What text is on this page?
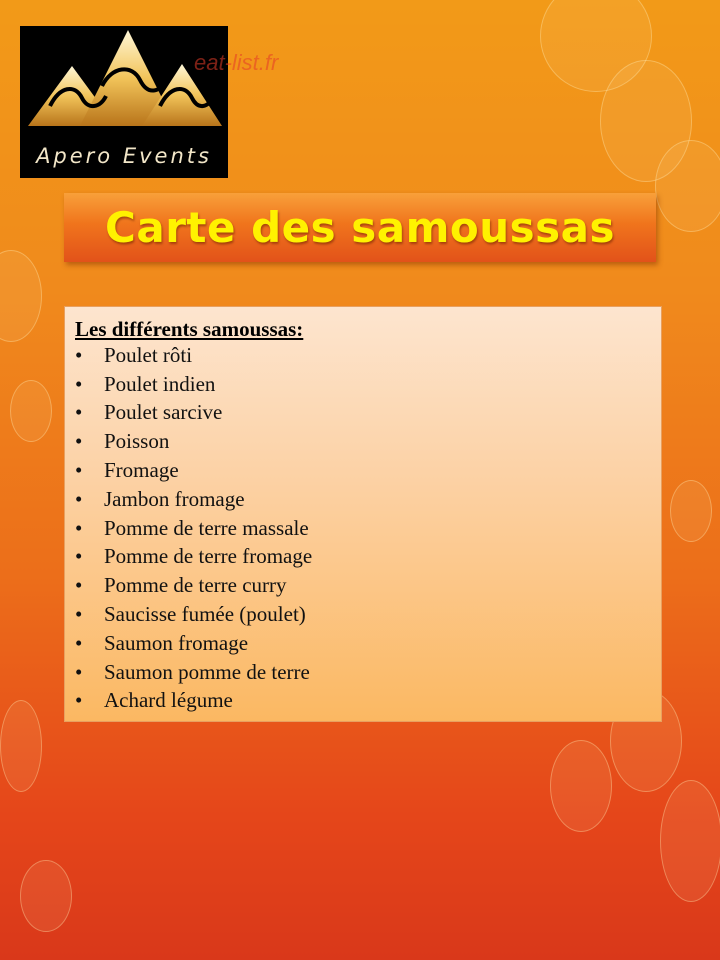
Apero Events
eat-list.fr
Carte des samoussas

Les différents samoussas:

•	Poulet rôti
•	Poulet indien
•	Poulet sarcive
•	Poisson
•	Fromage
•	Jambon fromage
•	Pomme de terre massale
•	Pomme de terre fromage
•	Pomme de terre curry
•	Saucisse fumée (poulet)
•	Saumon fromage
•	Saumon pomme de terre
•	Achard légume
